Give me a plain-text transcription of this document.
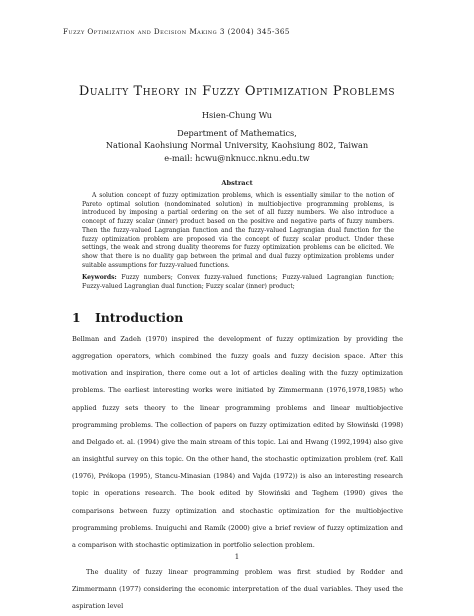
Fuzzy Optimization and Decision Making 3 (2004) 345-365
Duality Theory in Fuzzy Optimization Problems
Hsien-Chung Wu
Department of Mathematics,
National Kaohsiung Normal University, Kaohsiung 802, Taiwan
e-mail: hcwu@nknucc.nknu.edu.tw
Abstract

A solution concept of fuzzy optimization problems, which is essentially similar to the notion of Pareto optimal solution (nondominated solution) in multiobjective programming problems, is introduced by imposing a partial ordering on the set of all fuzzy numbers. We also introduce a concept of fuzzy scalar (inner) product based on the positive and negative parts of fuzzy numbers. Then the fuzzy-valued Lagrangian function and the fuzzy-valued Lagrangian dual function for the fuzzy optimization problem are proposed via the concept of fuzzy scalar product. Under these settings, the weak and strong duality theorems for fuzzy optimization problems can be elicited. We show that there is no duality gap between the primal and dual fuzzy optimization problems under suitable assumptions for fuzzy-valued functions.

Keywords: Fuzzy numbers; Convex fuzzy-valued functions; Fuzzy-valued Lagrangian function; Fuzzy-valued Lagrangian dual function; Fuzzy scalar (inner) product;

1 Introduction

Bellman and Zadeh (1970) inspired the development of fuzzy optimization by providing the aggregation operators, which combined the fuzzy goals and fuzzy decision space. After this motivation and inspiration, there come out a lot of articles dealing with the fuzzy optimization problems. The earliest interesting works were initiated by Zimmermann (1976,1978,1985) who applied fuzzy sets theory to the linear programming problems and linear multiobjective programming problems. The collection of papers on fuzzy optimization edited by Słowiński (1998) and Delgado et. al. (1994) give the main stream of this topic. Lai and Hwang (1992,1994) also give an insightful survey on this topic. On the other hand, the stochastic optimization problem (ref. Kall (1976), Prékopa (1995), Stancu-Minasian (1984) and Vajda (1972)) is also an interesting research topic in operations research. The book edited by Słowiński and Teghem (1990) gives the comparisons between fuzzy optimization and stochastic optimization for the multiobjective programming problems. Inuiguchi and Ramík (2000) give a brief review of fuzzy optimization and a comparison with stochastic optimization in portfolio selection problem.

The duality of fuzzy linear programming problem was first studied by Rodder and Zimmermann (1977) considering the economic interpretation of the dual variables. They used the aspiration level

1
